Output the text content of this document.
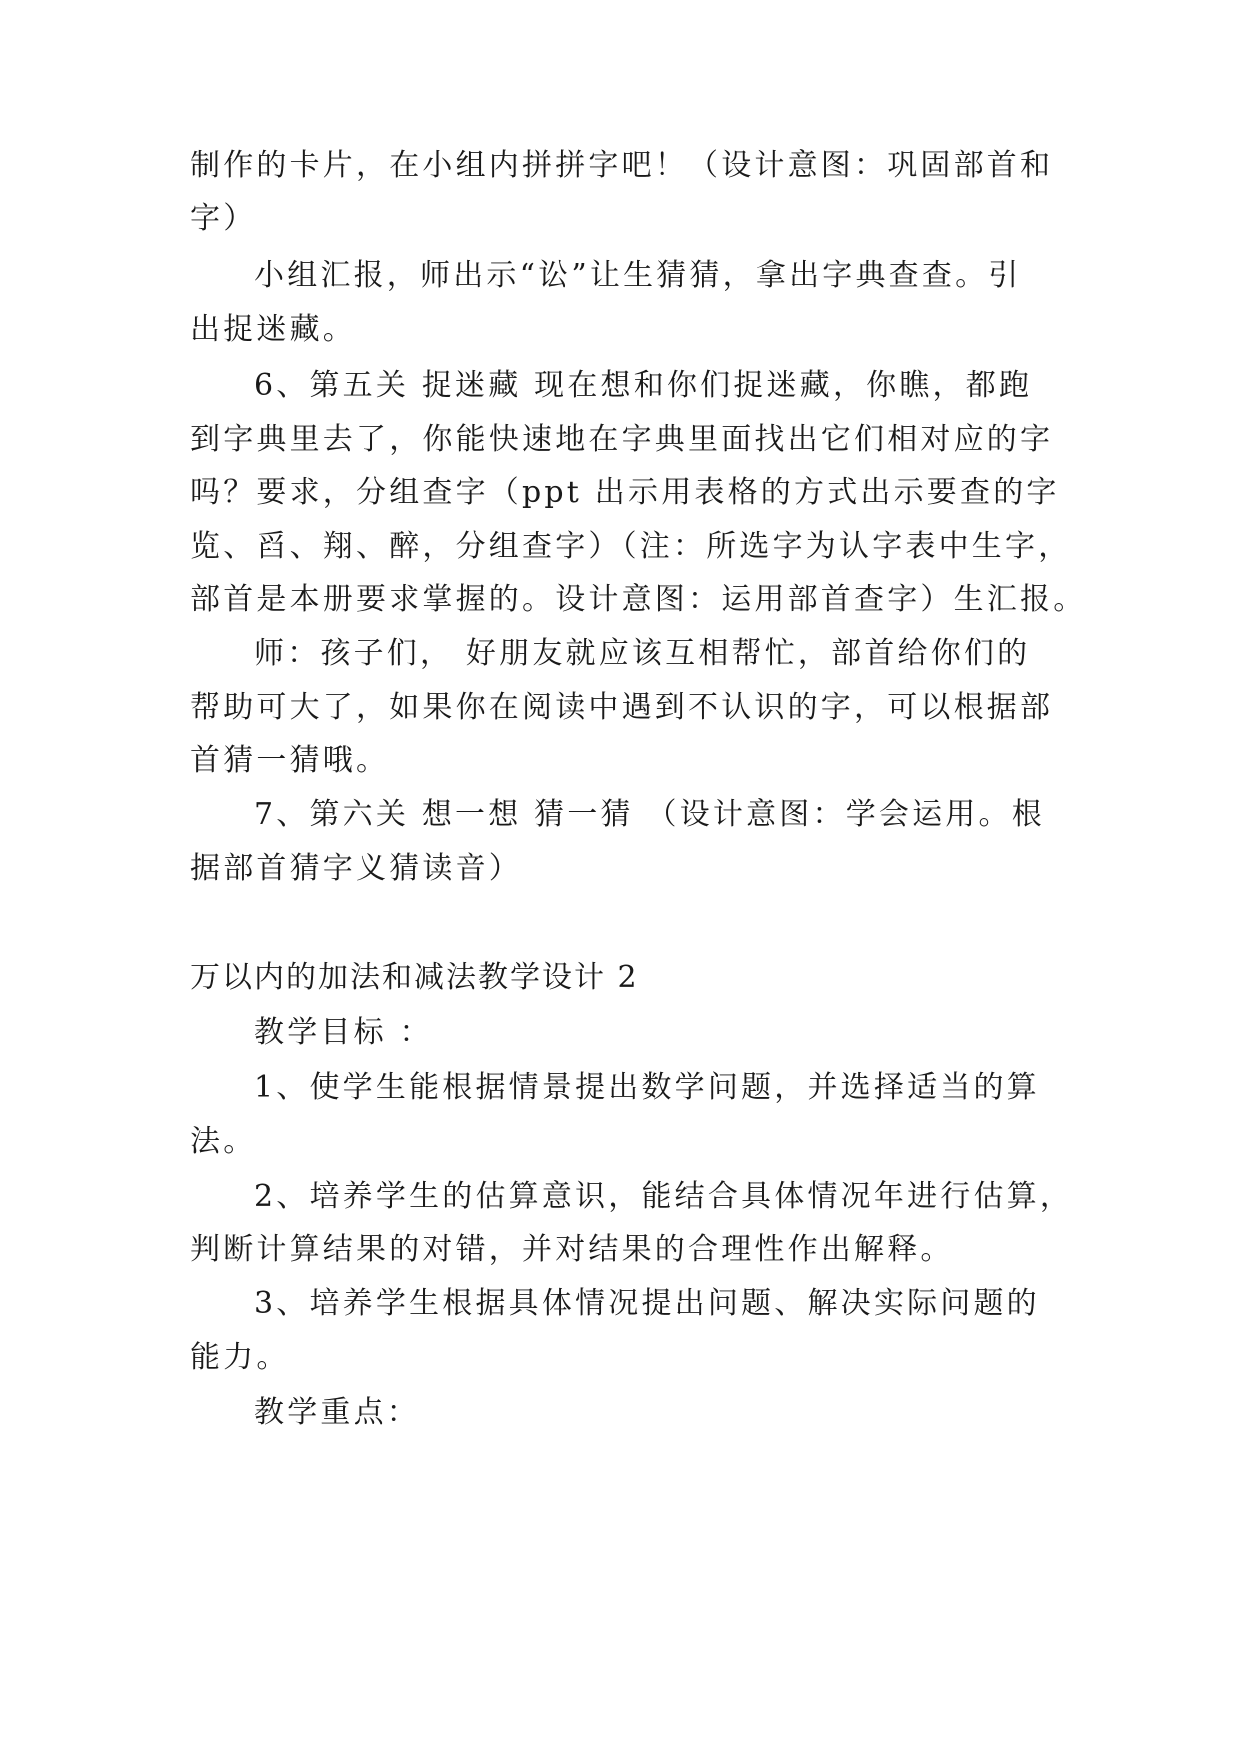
制作的卡片，在小组内拼拼字吧！（设计意图：巩固部首和
字）
小组汇报，师出示“讼”让生猜猜，拿出字典查查。引
出捉迷藏。
6、第五关 捉迷藏 现在想和你们捉迷藏，你瞧，都跑
到字典里去了，你能快速地在字典里面找出它们相对应的字
吗？要求，分组查字（ppt 出示用表格的方式出示要查的字
览、舀、翔、醉，分组查字）（注：所选字为认字表中生字，
部首是本册要求掌握的。设计意图：运用部首查字）生汇报。
师：孩子们， 好朋友就应该互相帮忙，部首给你们的
帮助可大了，如果你在阅读中遇到不认识的字，可以根据部
首猜一猜哦。
7、第六关 想一想 猜一猜 （设计意图：学会运用。根
据部首猜字义猜读音）
万以内的加法和减法教学设计 2
教学目标 ：
1、使学生能根据情景提出数学问题，并选择适当的算
法。
2、培养学生的估算意识，能结合具体情况年进行估算，
判断计算结果的对错，并对结果的合理性作出解释。
3、培养学生根据具体情况提出问题、解决实际问题的
能力。
教学重点：
